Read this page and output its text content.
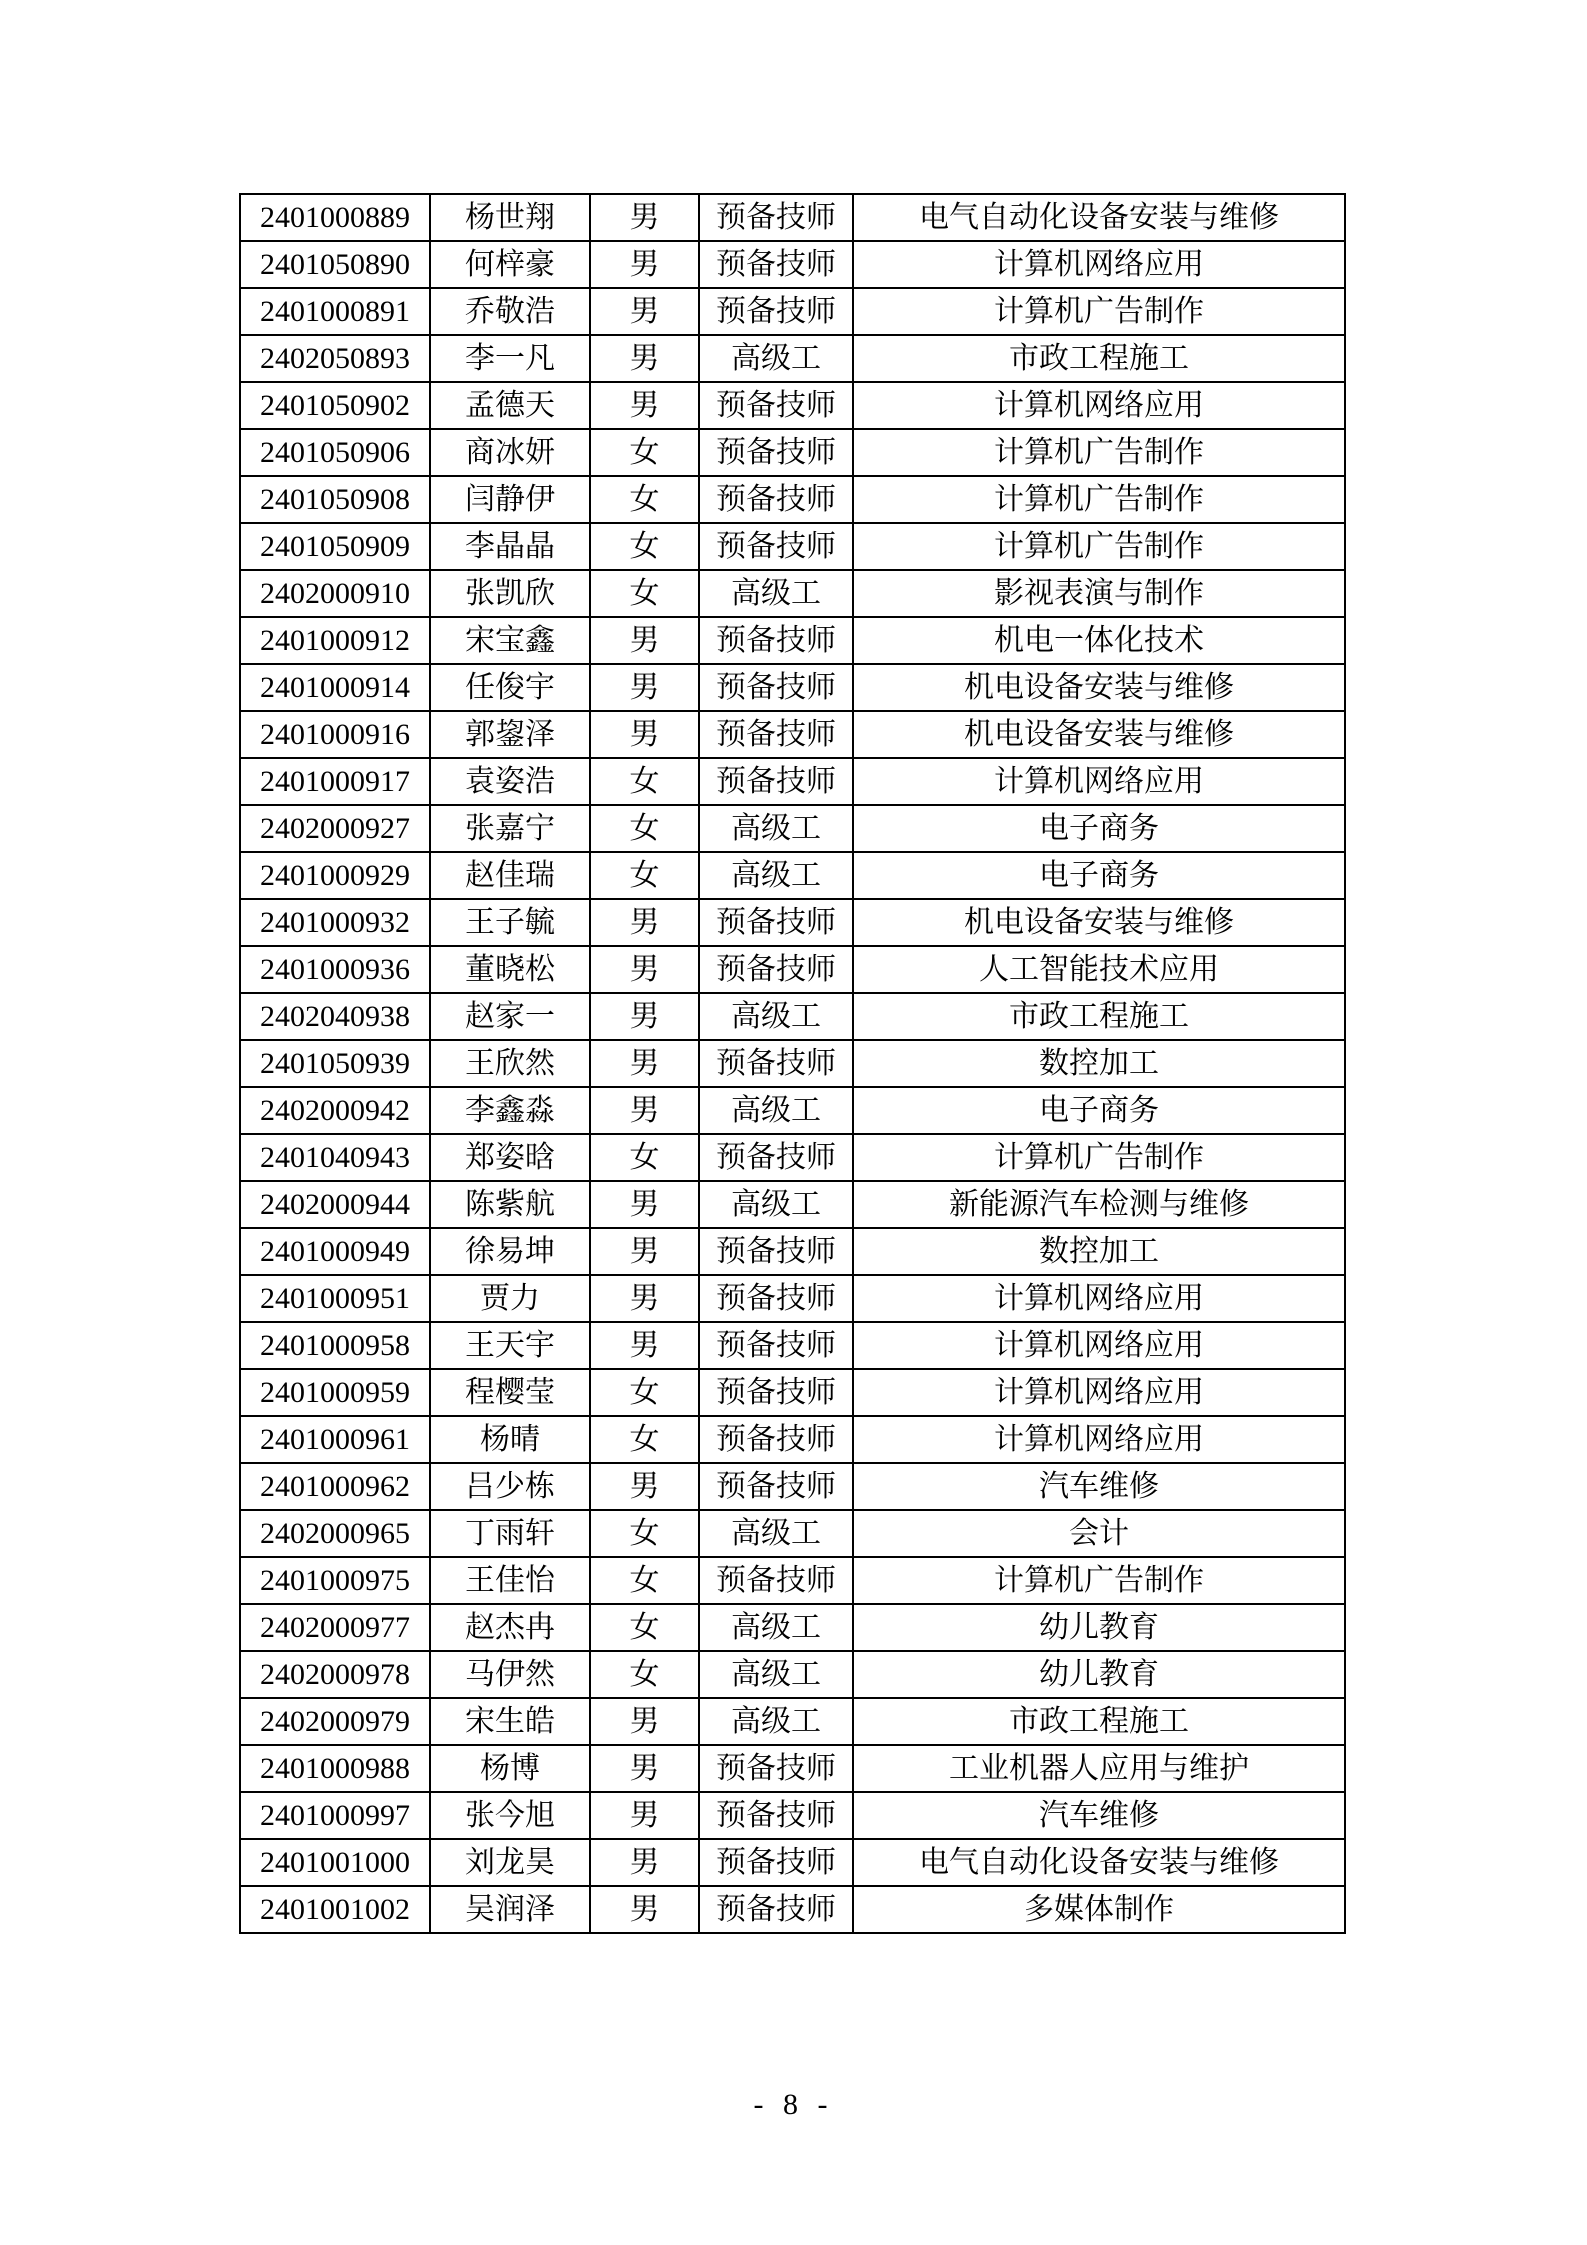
2401000889	杨世翔	男	预备技师	电气自动化设备安装与维修
2401050890	何梓豪	男	预备技师	计算机网络应用
2401000891	乔敬浩	男	预备技师	计算机广告制作
2402050893	李一凡	男	高级工	市政工程施工
2401050902	孟德天	男	预备技师	计算机网络应用
2401050906	商冰妍	女	预备技师	计算机广告制作
2401050908	闫静伊	女	预备技师	计算机广告制作
2401050909	李晶晶	女	预备技师	计算机广告制作
2402000910	张凯欣	女	高级工	影视表演与制作
2401000912	宋宝鑫	男	预备技师	机电一体化技术
2401000914	任俊宇	男	预备技师	机电设备安装与维修
2401000916	郭鋆泽	男	预备技师	机电设备安装与维修
2401000917	袁姿浩	女	预备技师	计算机网络应用
2402000927	张嘉宁	女	高级工	电子商务
2401000929	赵佳瑞	女	高级工	电子商务
2401000932	王子毓	男	预备技师	机电设备安装与维修
2401000936	董晓松	男	预备技师	人工智能技术应用
2402040938	赵家一	男	高级工	市政工程施工
2401050939	王欣然	男	预备技师	数控加工
2402000942	李鑫淼	男	高级工	电子商务
2401040943	郑姿晗	女	预备技师	计算机广告制作
2402000944	陈紫航	男	高级工	新能源汽车检测与维修
2401000949	徐易坤	男	预备技师	数控加工
2401000951	贾力	男	预备技师	计算机网络应用
2401000958	王天宇	男	预备技师	计算机网络应用
2401000959	程樱莹	女	预备技师	计算机网络应用
2401000961	杨晴	女	预备技师	计算机网络应用
2401000962	吕少栋	男	预备技师	汽车维修
2402000965	丁雨轩	女	高级工	会计
2401000975	王佳怡	女	预备技师	计算机广告制作
2402000977	赵杰冉	女	高级工	幼儿教育
2402000978	马伊然	女	高级工	幼儿教育
2402000979	宋生皓	男	高级工	市政工程施工
2401000988	杨博	男	预备技师	工业机器人应用与维护
2401000997	张今旭	男	预备技师	汽车维修
2401001000	刘龙昊	男	预备技师	电气自动化设备安装与维修
2401001002	吴润泽	男	预备技师	多媒体制作
- 8 -
